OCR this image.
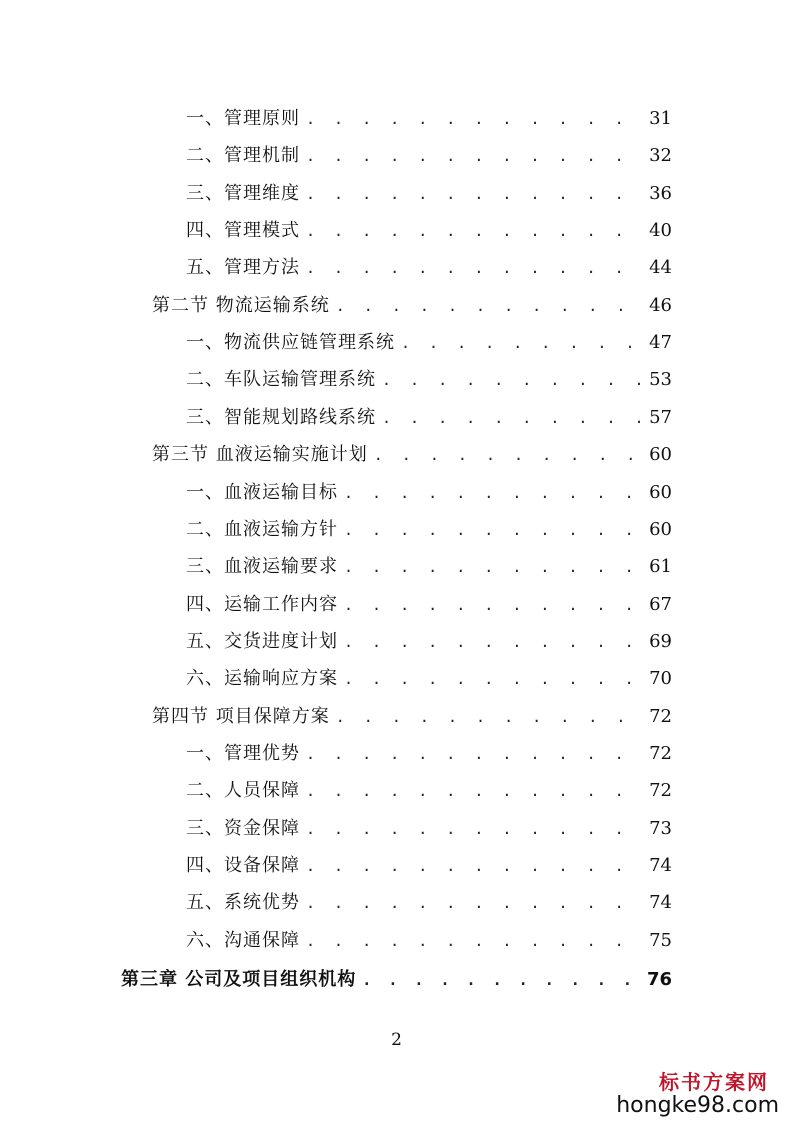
一、管理原则 . . .	31
二、管理机制 . . .	32
三、管理维度 . . .	36
四、管理模式 . . .	40
五、管理方法 . . .	44
第二节 物流运输系统 . . .	46
一、物流供应链管理系统 . . .	47
二、车队运输管理系统 . . .	53
三、智能规划路线系统 . . .	57
第三节 血液运输实施计划 . . .	60
一、血液运输目标 . . .	60
二、血液运输方针 . . .	60
三、血液运输要求 . . .	61
四、运输工作内容 . . .	67
五、交货进度计划 . . .	69
六、运输响应方案 . . .	70
第四节 项目保障方案 . . .	72
一、管理优势 . . .	72
二、人员保障 . . .	72
三、资金保障 . . .	73
四、设备保障 . . .	74
五、系统优势 . . .	74
六、沟通保障 . . .	75
第三章 公司及项目组织机构 . . .	76
2
标书方案网
hongke98.com
